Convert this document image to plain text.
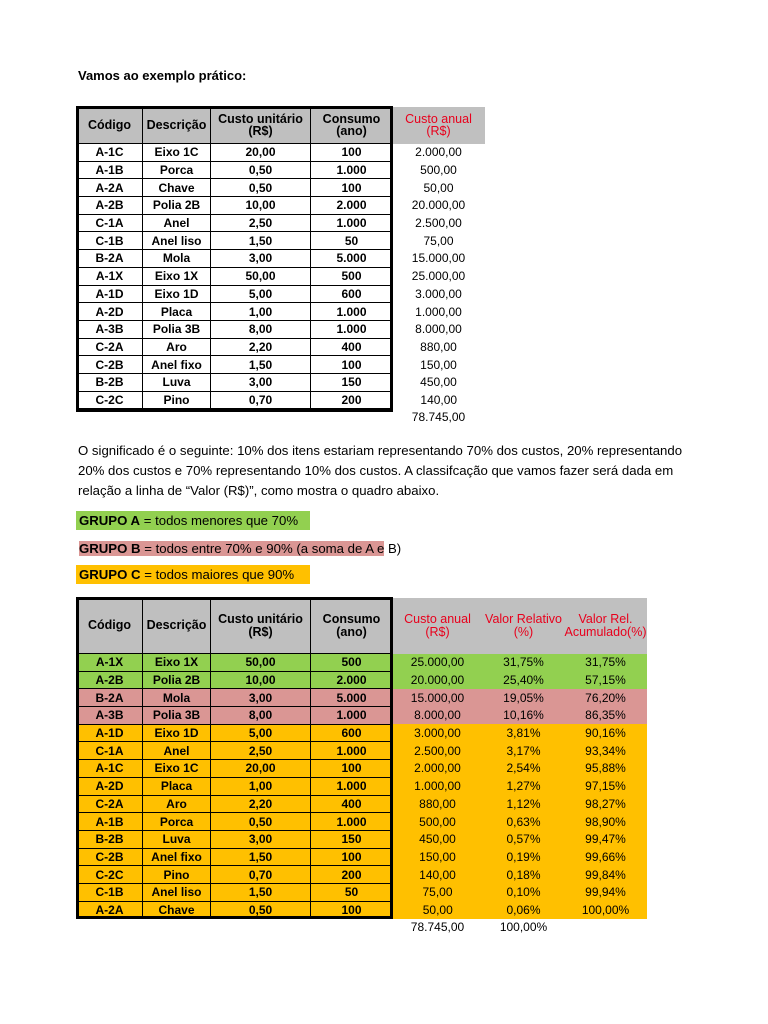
Vamos ao exemplo prático:
Código	Descrição	Custo unitário (R$)	Consumo (ano)	Custo anual (R$)
A-1C	Eixo 1C	20,00	100	2.000,00
A-1B	Porca	0,50	1.000	500,00
A-2A	Chave	0,50	100	50,00
A-2B	Polia 2B	10,00	2.000	20.000,00
C-1A	Anel	2,50	1.000	2.500,00
C-1B	Anel liso	1,50	50	75,00
B-2A	Mola	3,00	5.000	15.000,00
A-1X	Eixo 1X	50,00	500	25.000,00
A-1D	Eixo 1D	5,00	600	3.000,00
A-2D	Placa	1,00	1.000	1.000,00
A-3B	Polia 3B	8,00	1.000	8.000,00
C-2A	Aro	2,20	400	880,00
C-2B	Anel fixo	1,50	100	150,00
B-2B	Luva	3,00	150	450,00
C-2C	Pino	0,70	200	140,00
				78.745,00
O significado é o seguinte: 10% dos itens estariam representando 70% dos custos, 20% representando 20% dos custos e 70% representando 10% dos custos. A classifcação que vamos fazer será dada em relação a linha de “Valor (R$)”, como mostra o quadro abaixo.
GRUPO A = todos menores que 70%
GRUPO B = todos entre 70% e 90% (a soma de A e B)
GRUPO C = todos maiores que 90%
Código	Descrição	Custo unitário (R$)	Consumo (ano)	Custo anual (R$)	Valor Relativo (%)	Valor Rel. Acumulado(%)
A-1X	Eixo 1X	50,00	500	25.000,00	31,75%	31,75%
A-2B	Polia 2B	10,00	2.000	20.000,00	25,40%	57,15%
B-2A	Mola	3,00	5.000	15.000,00	19,05%	76,20%
A-3B	Polia 3B	8,00	1.000	8.000,00	10,16%	86,35%
A-1D	Eixo 1D	5,00	600	3.000,00	3,81%	90,16%
C-1A	Anel	2,50	1.000	2.500,00	3,17%	93,34%
A-1C	Eixo 1C	20,00	100	2.000,00	2,54%	95,88%
A-2D	Placa	1,00	1.000	1.000,00	1,27%	97,15%
C-2A	Aro	2,20	400	880,00	1,12%	98,27%
A-1B	Porca	0,50	1.000	500,00	0,63%	98,90%
B-2B	Luva	3,00	150	450,00	0,57%	99,47%
C-2B	Anel fixo	1,50	100	150,00	0,19%	99,66%
C-2C	Pino	0,70	200	140,00	0,18%	99,84%
C-1B	Anel liso	1,50	50	75,00	0,10%	99,94%
A-2A	Chave	0,50	100	50,00	0,06%	100,00%
				78.745,00	100,00%	
